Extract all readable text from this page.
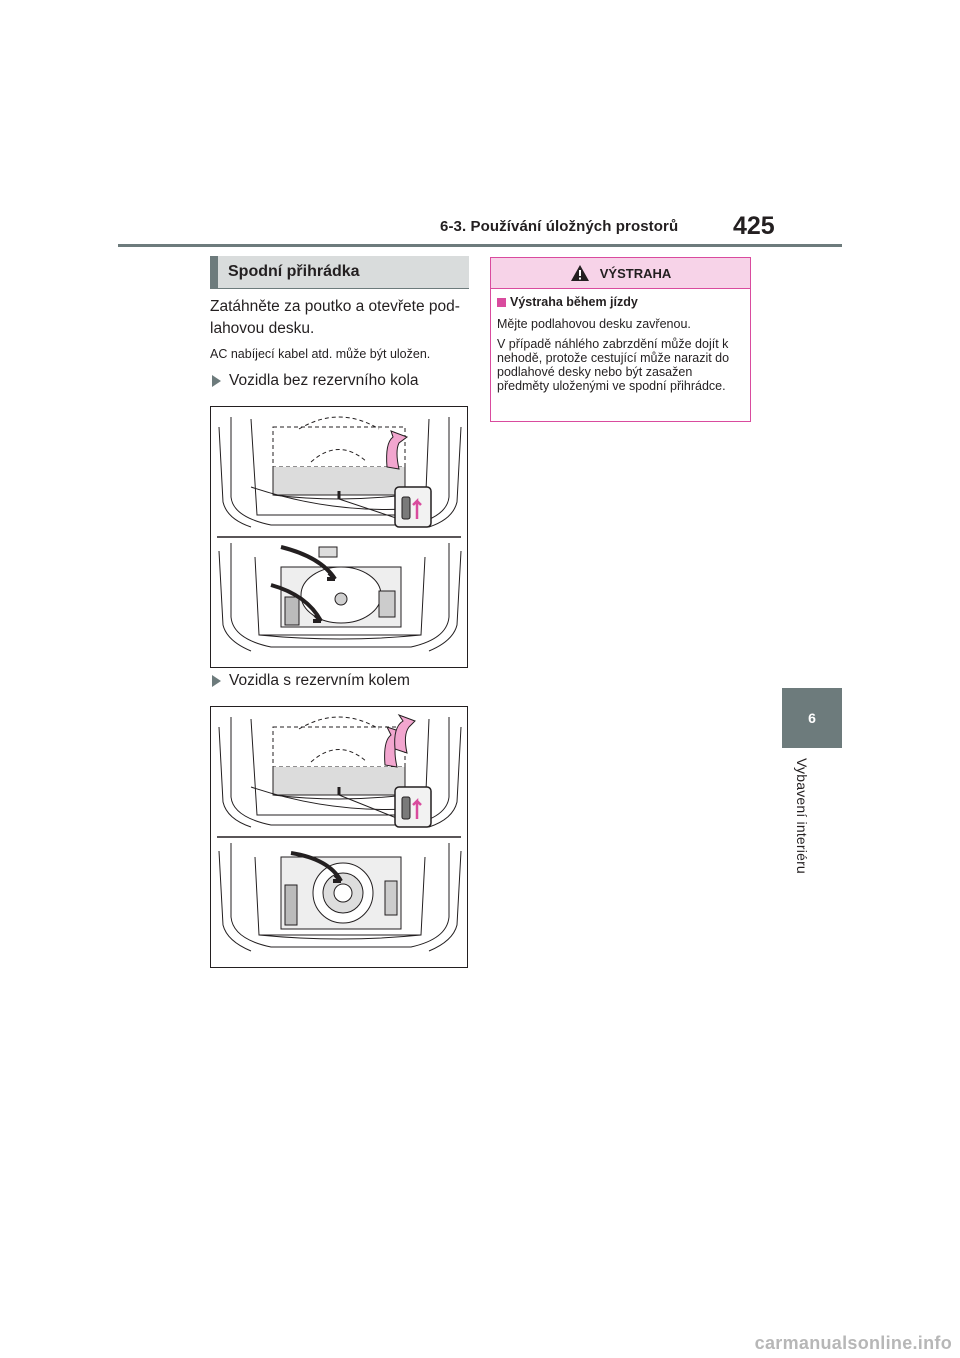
6-3. Používání úložných prostorů 425
6
Vybavení interiéru
Spodní přihrádka
Zatáhněte za poutko a otevřete pod-lahovou desku.
AC nabíjecí kabel atd. může být uložen.
Vozidla bez rezervního kola
Vozidla s rezervním kolem
VÝSTRAHA
Výstraha během jízdy

Mějte podlahovou desku zavřenou.

V případě náhlého zabrzdění může dojít k nehodě, protože cestující může narazit do podlahové desky nebo být zasažen předměty uloženými ve spodní přihrádce.

carmanualsonline.info
